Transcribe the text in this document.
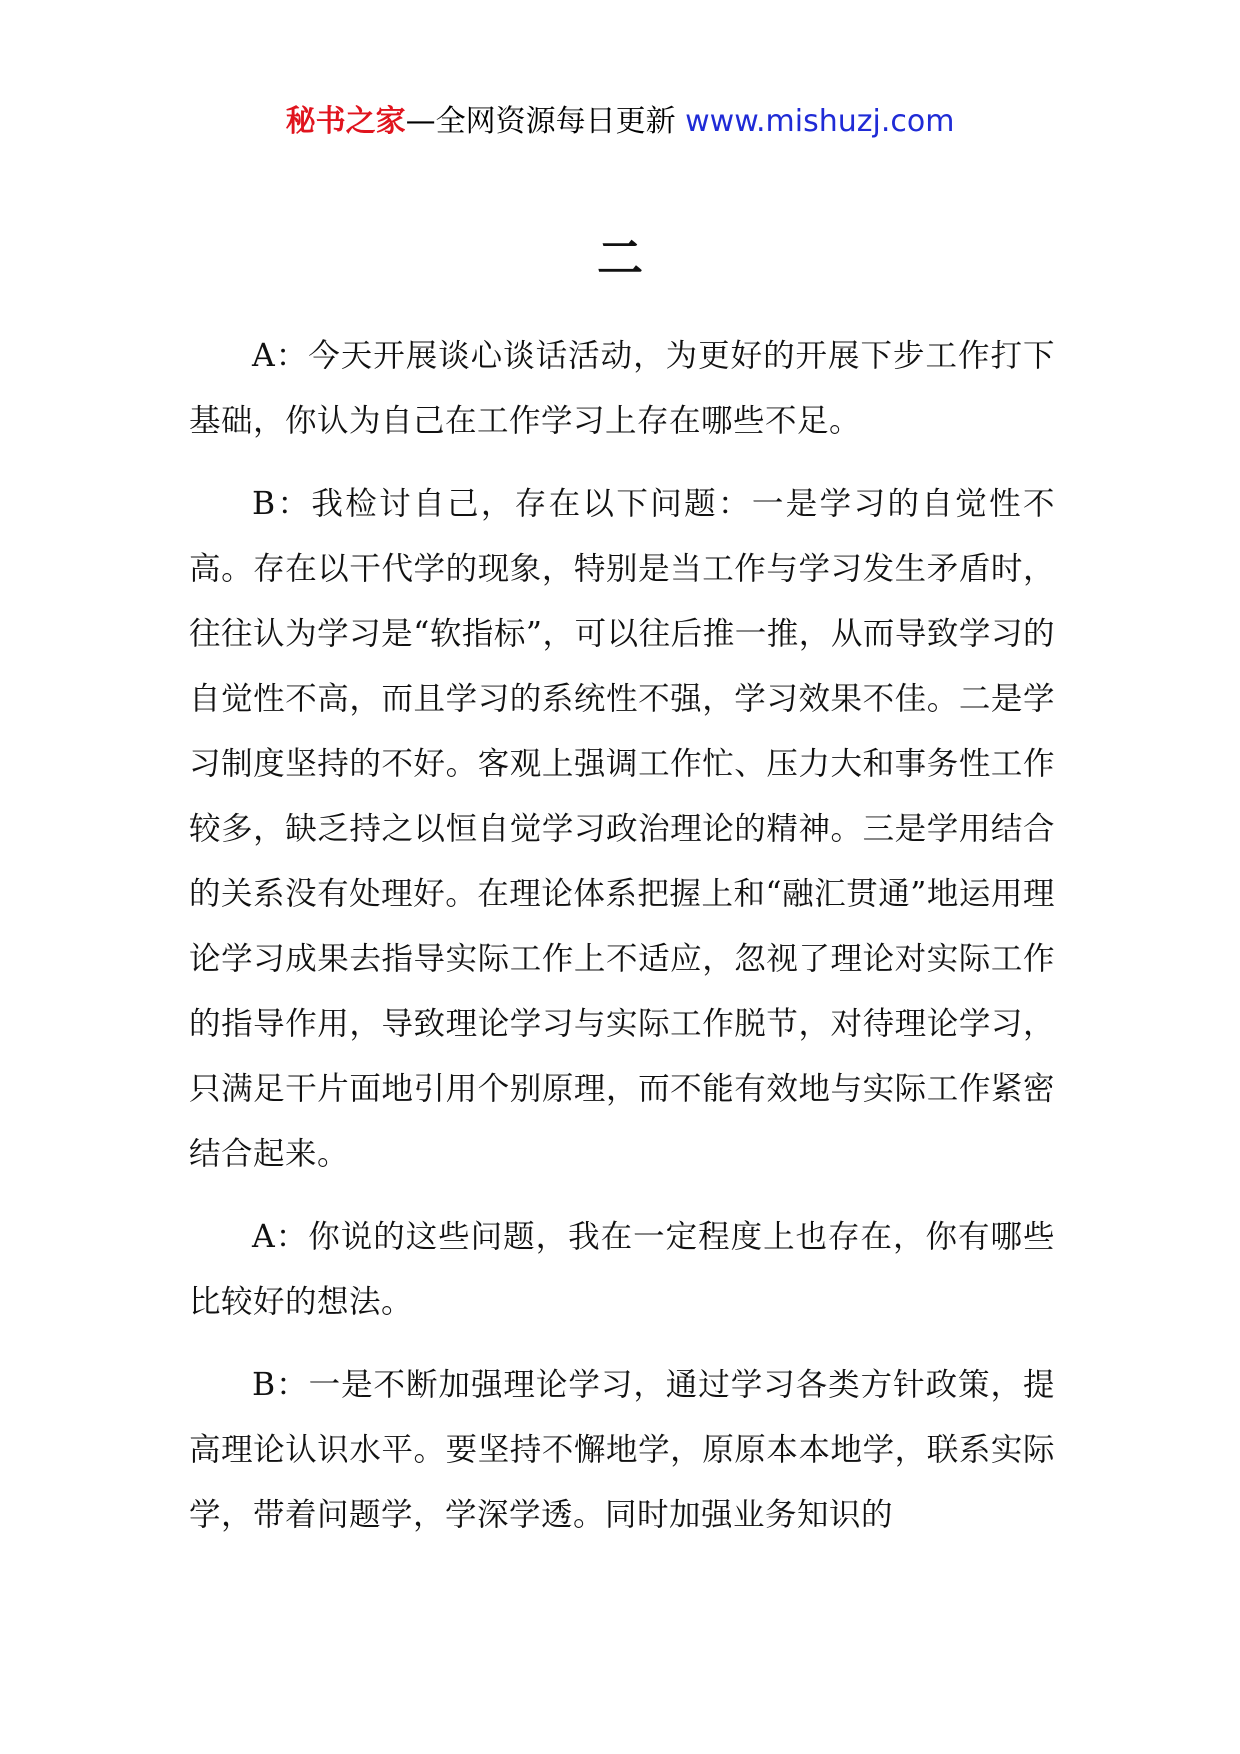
秘书之家—全网资源每日更新 www.mishuzj.com
二

A：今天开展谈心谈话活动，为更好的开展下步工作打下基础，你认为自己在工作学习上存在哪些不足。

B：我检讨自己，存在以下问题：一是学习的自觉性不高。存在以干代学的现象，特别是当工作与学习发生矛盾时，往往认为学习是“软指标”，可以往后推一推，从而导致学习的自觉性不高，而且学习的系统性不强，学习效果不佳。二是学习制度坚持的不好。客观上强调工作忙、压力大和事务性工作较多，缺乏持之以恒自觉学习政治理论的精神。三是学用结合的关系没有处理好。在理论体系把握上和“融汇贯通”地运用理论学习成果去指导实际工作上不适应，忽视了理论对实际工作的指导作用，导致理论学习与实际工作脱节，对待理论学习，只满足干片面地引用个别原理，而不能有效地与实际工作紧密结合起来。

A：你说的这些问题，我在一定程度上也存在，你有哪些比较好的想法。

B：一是不断加强理论学习，通过学习各类方针政策，提高理论认识水平。要坚持不懈地学，原原本本地学，联系实际学，带着问题学，学深学透。同时加强业务知识的
